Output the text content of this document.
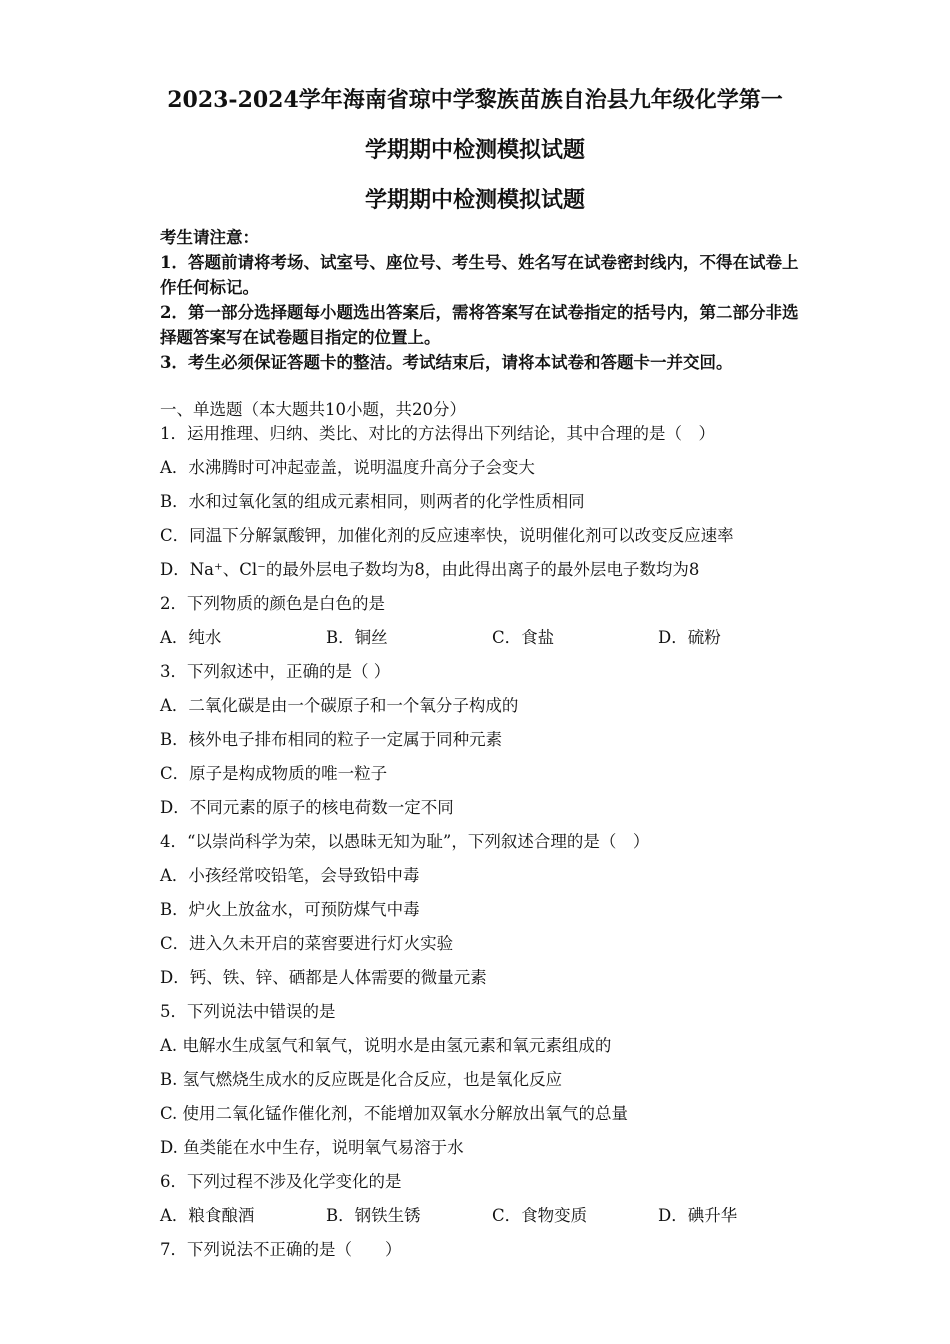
2023-2024学年海南省琼中学黎族苗族自治县九年级化学第一
学期期中检测模拟试题
学期期中检测模拟试题
考生请注意：
1．答题前请将考场、试室号、座位号、考生号、姓名写在试卷密封线内，不得在试卷上作任何标记。
2．第一部分选择题每小题选出答案后，需将答案写在试卷指定的括号内，第二部分非选择题答案写在试卷题目指定的位置上。
3．考生必须保证答题卡的整洁。考试结束后，请将本试卷和答题卡一并交回。
一、单选题（本大题共10小题，共20分）
1．运用推理、归纳、类比、对比的方法得出下列结论，其中合理的是（　）
A．水沸腾时可冲起壶盖，说明温度升高分子会变大
B．水和过氧化氢的组成元素相同，则两者的化学性质相同
C．同温下分解氯酸钾，加催化剂的反应速率快，说明催化剂可以改变反应速率
D．Na⁺、Cl⁻的最外层电子数均为8，由此得出离子的最外层电子数均为8
2．下列物质的颜色是白色的是
A．纯水	B．铜丝	C．食盐	D．硫粉
3．下列叙述中，正确的是（ ）
A．二氧化碳是由一个碳原子和一个氧分子构成的
B．核外电子排布相同的粒子一定属于同种元素
C．原子是构成物质的唯一粒子
D．不同元素的原子的核电荷数一定不同
4．“以崇尚科学为荣，以愚昧无知为耻”，下列叙述合理的是（　）
A．小孩经常咬铅笔，会导致铅中毒
B．炉火上放盆水，可预防煤气中毒
C．进入久未开启的菜窖要进行灯火实验
D．钙、铁、锌、硒都是人体需要的微量元素
5．下列说法中错误的是
A. 电解水生成氢气和氧气，说明水是由氢元素和氧元素组成的
B. 氢气燃烧生成水的反应既是化合反应，也是氧化反应
C. 使用二氧化锰作催化剂，不能增加双氧水分解放出氧气的总量
D. 鱼类能在水中生存，说明氧气易溶于水
6．下列过程不涉及化学变化的是
A．粮食酿酒	B．钢铁生锈	C．食物变质	D．碘升华
7．下列说法不正确的是（　　）
